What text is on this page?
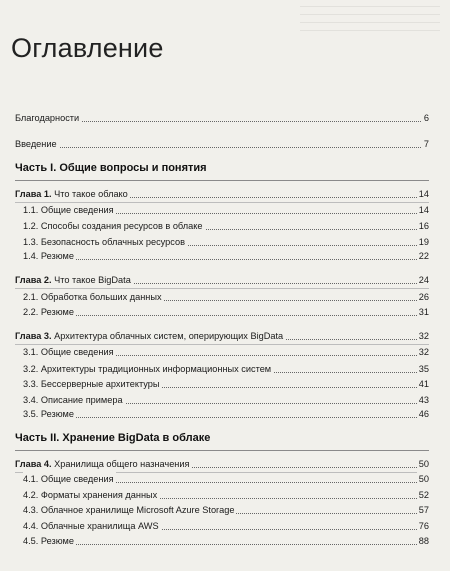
Оглавление
Благодарности	6
Введение	7
Часть I. Общие вопросы и понятия
Глава 1. Что такое облако	14
1.1. Общие сведения	14
1.2. Способы создания ресурсов в облаке	16
1.3. Безопасность облачных ресурсов	19
1.4. Резюме	22
Глава 2. Что такое BigData	24
2.1. Обработка больших данных	26
2.2. Резюме	31
Глава 3. Архитектура облачных систем, оперирующих BigData	32
3.1. Общие сведения	32
3.2. Архитектуры традиционных информационных систем	35
3.3. Бессерверные архитектуры	41
3.4. Описание примера	43
3.5. Резюме	46
Часть II. Хранение BigData в облаке
Глава 4. Хранилища общего назначения	50
4.1. Общие сведения	50
4.2. Форматы хранения данных	52
4.3. Облачное хранилище Microsoft Azure Storage	57
4.4. Облачные хранилища AWS	76
4.5. Резюме	88
